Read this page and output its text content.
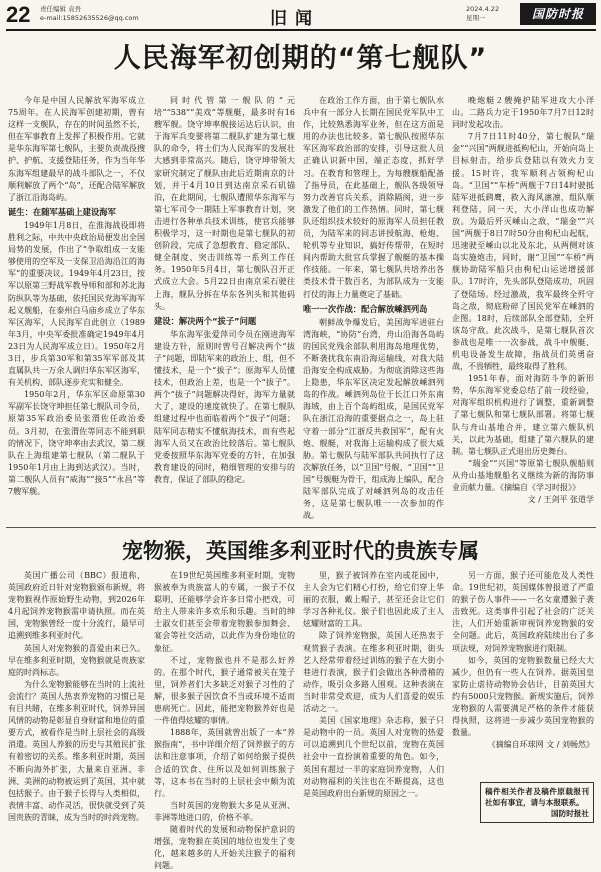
22 责任编辑 袁吾
e-mail:15852635526@qq.com	旧闻	2024.4.22
星期一	国防时报
人民海军初创期的“第七舰队”

今年是中国人民解放军海军成立75周年。在人民海军创建初期，曾有这样一支舰队，存在的时间虽然不长，但在军事教育上发挥了积极作用。它就是华东海军第七舰队，主要负责战役搜护、护航、支援登陆任务，作为当年华东海军组建最早的战斗部队之一，不仅顺利解放了两个“岛”，还配合陆军解放了浙江沿海岛屿。

诞生：在随军基础上建设海军

1949年1月8日，在淮海战役即将胜利之际，中共中央政治局便发出全国局势的发展，作出了“争取组成一支能够使用的空军及一支保卫沿海沿江的海军”的重要决议。1949年4月23日，按军以原第三野战军教导师和部和苏北海防纵队等为基础，依托国民党海军海军起义舰船，在泰州白马庙乡成立了华东军区海军，人民海军自此创立（1989年3月，中央军委批准确定1949年4月23日为人民海军成立日）。1950年2月3日，步兵第30军和第35军军部及其直属队共一万余人调归华东军区海军，有关机构、部队逐步充实和健全。

1950年2月，华东军区命原第30军副军长饶守坤担任第七舰队司令员，原第35军政治委员张渭佐任政治委员。3月初，在张渭佐等同志不能到职的情况下，饶守坤率由去武汉，第二舰队在上海组建第七舰队（第二舰队于1950年1月由上海到达武汉）。当时，第二舰队人员有“威海”“接5”“永昌”等7艘军舰。

同时代管第一舰队的“元培”“538”“美戏”等舰艇，最多时有16艘军舰。饶守坤率舰接运达后认识，由于海军兵变要将第二舰队扩建为第七舰队的命令，将士们为人民海军的发展壮大感到非常高兴。随后，饶守坤带领大家研究制定了舰队由此后近期南京的计划，并于4月10日到达南京采石矶锚泊，在此期间，七舰队遭照华东海军与第七军司令一期陆上军事教育计划，突击进行各种单兵技术训练，使官兵能够积极学习，这一时期也是第七舰队的初创阶段，完成了急想教育、稳定部队、健全制度、突击训练等一系列工作任务。1950年5月4日，第七舰队召开正式成立大会。5月22日由南京采石驶往上海，舰队分拆在华东各列头和其他码头。

建设：解决两个“拔子”问题

华东海军张爱萍司令员在刚进海军建设方针，原则时曾号召解决两个“拔子”问题，即陆军来的政治上、组，但不懂技术，是一个“拔子”；原海军人员懂技术，但政治上差，也是一个“拔子”。两个“拔子”问题解决得好，海军力量就大了，建设的速度就快了。在第七舰队组建过程中也面临着两个“拔子”问题；陆军同志精实不懂航海技术，而有些起海军人员又在政治比较落后。第七舰队党委按照华东海军党委的方针，在加强教育建设的同时，精细管理的安排与的教育，保证了部队的稳定。

在政治工作方面，由于第七舰队水兵中有一部分人长期在国民党军队中工作，比较熟悉海军业务，但在这方面是用的办法也比较多。第七舰队按照华东军区海军政治部的安排，引导这批人员正确认识新中国，端正态度，抓好学习。在教育和管理上，为每艘舰船配备了指导员，在此基础上，舰队各级领导努力改善官兵关系，消除隔阂，进一步激发了他们的工作热情。同时，第七舰队还组织技术较好的原海军人员担任教员，为陆军来的同志讲授航海、枪炮、轮机等专业知识，搞好传帮带，在短时间内帮助大批官兵掌握了舰艇的基本操作技能。一年来，第七舰队共培养出各类技术骨干数百名，为部队成为一支能打仗的海上力量奠定了基础。

唯一一次作战：配合解放嵊泗列岛

朝鲜战争爆发后，美国海军进驻台湾海峡，“协防”台湾，舟山沿海各岛屿的国民党残余部队利用海岛地理优势，不断袭扰我东南沿海运输线，对我大陆沿海安全构成威胁。为彻底消除这些海上隐患，华东军区决定发起解放嵊泗列岛的作战。嵊泗列岛位于长江口外东南海域，由上百个岛屿组成，是国民党军队在浙江沿海的重要据点之一，岛上驻守着一部分“江浙反共救国军”，配有火炮、舰艇，对我海上运输构成了很大威胁。第七舰队与陆军部队共同执行了这次解放任务，以“卫国”号舰、“卫国”“卫国”号舰艇为骨干，组成海上编队，配合陆军部队完成了对嵊泗列岛的攻击任务，这是第七舰队唯一一次参加的作战。

晚炮艇２艘掩护陆军进攻大小洋山。二路兵力定于1950年7月7日12时同时发起攻击。

7月7日11时40分，第七舰队“瑞金”“兴国”两舰进抵枸杞山，开始向岛上目标射击，给步兵登陆以有效火力支援。15时许，我军顺利占领枸杞山岛。“卫国”“车桥”两舰于7日14时驶抵陆军进抵鹞鹰，救入海风凛凛，组队顺利登陆，同一天，大小洋山也成功解放。为最后歼灭嵊山之敌，“瑞金”“兴国”两舰于8日7时50分由枸杞山起航，迅速驶至嵊山以北及东北，从两侧对该岛实施炮击，同时，谢“卫国”“车桥”两舰协助陆军船只由枸杞山运送增援部队。17时许，先头部队登陆成功，巩固了登陆场。经过激战，我军最终全歼守岛之敌，彻底粉碎了国民党军在嵊泗的企图。18时，后续部队全部登陆，全歼该岛守敌。此次战斗，是第七舰队首次参战也是唯一一次参战，战斗中舰艇、机电设备发生故障，指战员们英勇奋战，不畏牺牲，最终取得了胜利。

1951年春，面对海防斗争的新形势，华东海军党委总结了前一段经验，对海军组织机构进行了调整，重新调整了第七舰队和第七舰队部署。将第七舰队与舟山基地合并，建立第六舰队机关，以此为基础，组建了第六舰队的建制。第七舰队正式退出历史舞台。

“瑞金”“兴国”等原第七舰队舰船则从舟山基地舰船名义继续为新的海防事业贡献力量。《摘编自《学习时报》》

文 / 王剑平 张道学

宠物猴，英国维多利亚时代的贵族专属

英国广播公司（BBC）报道称，英国政府近日针对宠物猴颁布新规，将宠物猴视作原始野生动物，到2026年4月起饲养宠物猴需申请执照。而在英国，宠物猴曾经一度十分流行，最早可追溯到维多利亚时代。

英国人对宠物猴的喜爱由来已久。早在维多利亚时期，宠物猴就是贵族家庭的时尚标志。

为什么宠物猴能够在当时的上流社会流行？英国人热衷养宠物的习惯已是有目共睹，在维多利亚时代，饲养异国风情的动物是彰显自身财富和地位的重要方式，被看作是当时上层社会的高级消遣。英国人养猴的历史与其殖民扩张有着密切的关系。维多利亚时期，英国不断向海外扩张，大量来自亚洲、非洲、美洲的动物被运到了英国，其中就包括猴子。由于猴子长得与人类相似，表情丰富、动作灵活，很快就受到了英国贵族的青睐，成为当时的时尚宠物。

在19世纪英国维多利亚时期，宠物猴被奉为贵族富人的专属，一猴子不仅聪明，还能够学会许多日常小把戏，可给主人带来许多欢乐和乐趣。当时的绅士淑女们甚至会带着宠物猴参加舞会、宴会等社交活动，以此作为身份地位的象征。

不过，宠物猴也并不是那么好养的。在那个时代，猴子通常被关在笼子里，饲养者们大多缺乏对猴子习性的了解，很多猴子因饮食不当或环境不适而患病死亡。因此，能把宠物猴养好也是一件值得炫耀的事情。

1888年，英国就曾出版了一本“养猴指南”，书中详细介绍了饲养猴子的方法和注意事项，介绍了如何给猴子提供合适的饮食、住所以及如何训练猴子等，这本书在当时的上层社会中颇为流行。

当时英国的宠物猴大多是从亚洲、非洲等地进口的，价格不菲。

随着时代的发展和动物保护意识的增强，宠物猴在英国的地位也发生了变化，越来越多的人开始关注猴子的福利问题。

里，猴子被饲养在室内或花园中，主人会为它们精心打扮，给它们穿上华丽的衣服，戴上帽子，甚至还会让它们学习各种礼仪。猴子们也因此成了主人炫耀财富的工具。

除了饲养宠物猴，英国人还热衷于观赏猴子表演。在维多利亚时期，街头艺人经常带着经过训练的猴子在大街小巷进行表演，猴子们会做出各种滑稽的动作，吸引众多路人围观。这种表演在当时非常受欢迎，成为人们喜爱的娱乐活动之一。

美国《国家地理》杂志称，猴子只是动物中的一员。英国人对宠物的热爱可以追溯到几个世纪以前，宠物在英国社会中一直扮演着重要的角色。如今，英国有超过一半的家庭饲养宠物，人们对动物福利的关注也在不断提高，这也是英国政府出台新规的原因之一。

另一方面，猴子还可能危及人类性命。19世纪初，英国媒体曾报道了严重的猴子伤人事件——一名女童遭猴子袭击致死。这类事件引起了社会的广泛关注，人们开始重新审视饲养宠物猴的安全问题。此后，英国政府陆续出台了多项法规，对饲养宠物猴进行限制。

如今，英国的宠物猴数量已经大大减少，但仍有一些人在饲养。据英国皇家防止虐待动物协会估计，目前英国大约有5000只宠物猴。新规实施后，饲养宠物猴的人需要满足严格的条件才能获得执照，这将进一步减少英国宠物猴的数量。

《摘编自环球网 文 / 刘畅然》

稿件相关作者及稿件原载报刊社如有事宜，请与本报联系。
国防时报社
